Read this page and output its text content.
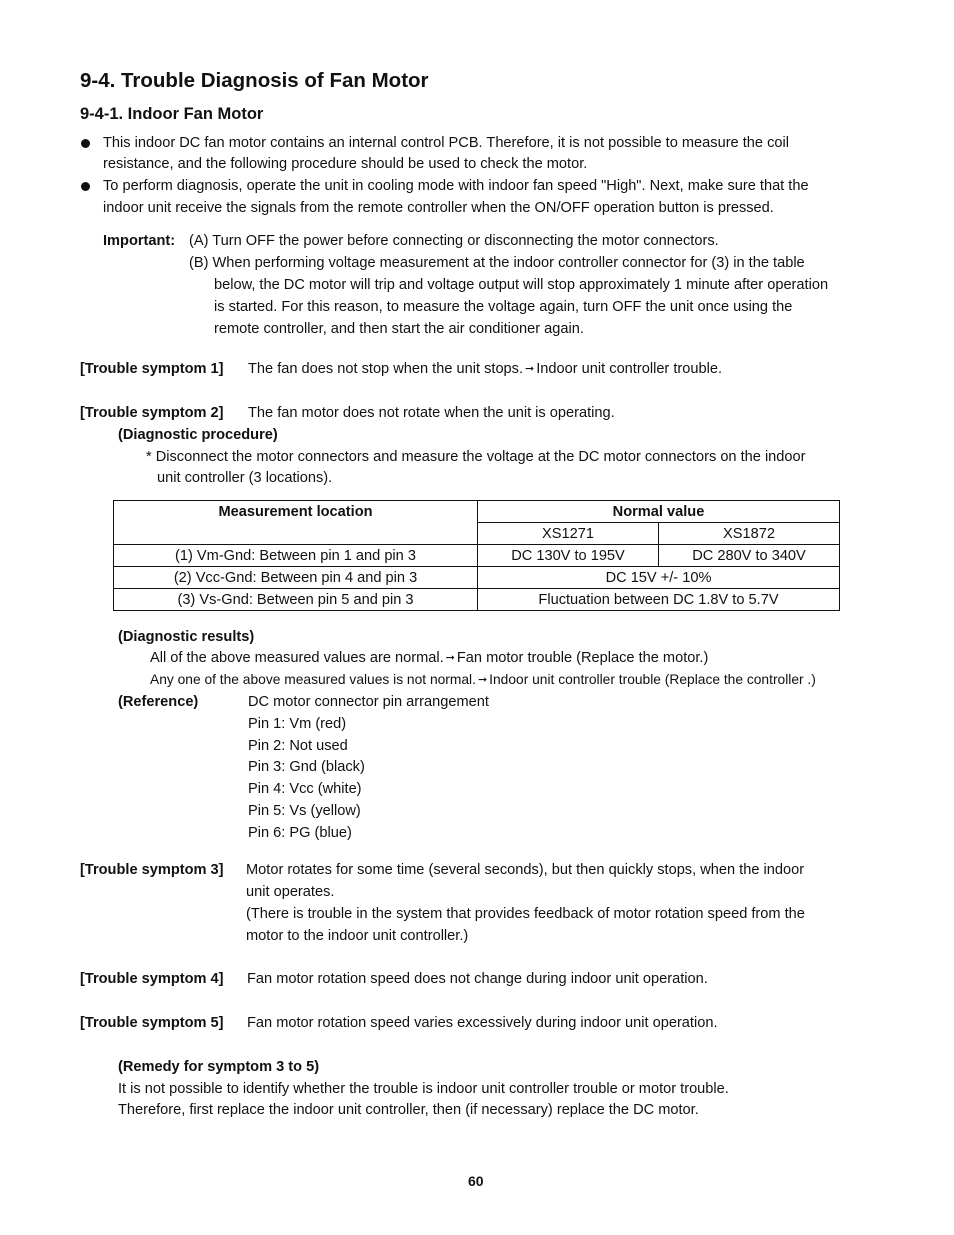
9-4. Trouble Diagnosis of Fan Motor
9-4-1. Indoor Fan Motor
This indoor DC fan motor contains an internal control PCB. Therefore, it is not possible to measure the coil
resistance, and the following procedure should be used to check the motor.
To perform diagnosis, operate the unit in cooling mode with indoor fan speed "High". Next, make sure that the
indoor unit receive the signals from the remote controller when the ON/OFF operation button is pressed.
Important: (A) Turn OFF the power before connecting or disconnecting the motor connectors.
(B) When performing voltage measurement at the indoor controller connector for (3) in the table
below, the DC motor will trip and voltage output will stop approximately 1 minute after operation
is started. For this reason, to measure the voltage again, turn OFF the unit once using the
remote controller, and then start the air conditioner again.
[Trouble symptom 1] The fan does not stop when the unit stops. ➞ Indoor unit controller trouble.
[Trouble symptom 2] The fan motor does not rotate when the unit is operating.
(Diagnostic procedure)
* Disconnect the motor connectors and measure the voltage at the DC motor connectors on the indoor
unit controller (3 locations).
Measurement location	Normal value	
	XS1271	XS1872
(1) Vm-Gnd: Between pin 1 and pin 3	DC 130V to 195V	DC 280V to 340V
(2) Vcc-Gnd: Between pin 4 and pin 3	DC 15V +/- 10%	
(3) Vs-Gnd: Between pin 5 and pin 3	Fluctuation between DC 1.8V to 5.7V	
(Diagnostic results)
All of the above measured values are normal. ➞ Fan motor trouble (Replace the motor.)
Any one of the above measured values is not normal. ➞ Indoor unit controller trouble (Replace the controller .)
(Reference)	DC motor connector pin arrangement
Pin 1: Vm (red)
Pin 2: Not used
Pin 3: Gnd (black)
Pin 4: Vcc (white)
Pin 5: Vs (yellow)
Pin 6: PG (blue)
[Trouble symptom 3] Motor rotates for some time (several seconds), but then quickly stops, when the indoor
unit operates.
(There is trouble in the system that provides feedback of motor rotation speed from the
motor to the indoor unit controller.)
[Trouble symptom 4] Fan motor rotation speed does not change during indoor unit operation.
[Trouble symptom 5] Fan motor rotation speed varies excessively during indoor unit operation.
(Remedy for symptom 3 to 5)
It is not possible to identify whether the trouble is indoor unit controller trouble or motor trouble.
Therefore, first replace the indoor unit controller, then (if necessary) replace the DC motor.
60
